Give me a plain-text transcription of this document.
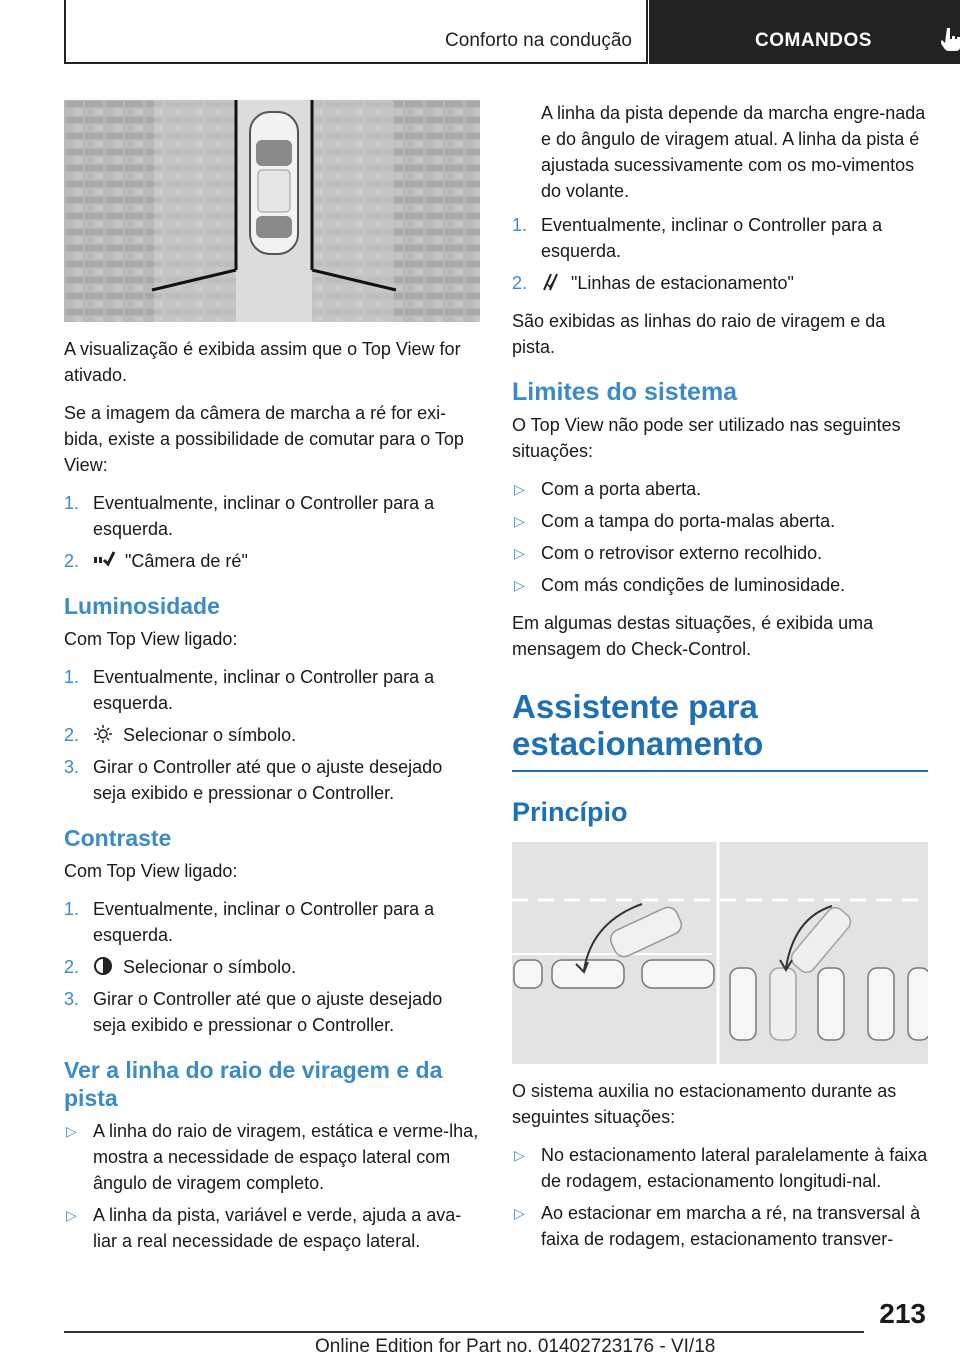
Conforto na condução	COMANDOS

A visualização é exibida assim que o Top View for ativado.

Se a imagem da câmera de marcha a ré for exi-bida, existe a possibilidade de comutar para o Top View:

1. Eventualmente, inclinar o Controller para a esquerda.
2.	"Câmera de ré"
Luminosidade

Com Top View ligado:

1. Eventualmente, inclinar o Controller para a esquerda.
2. Selecionar o símbolo.
3. Girar o Controller até que o ajuste desejado seja exibido e pressionar o Controller.
Contraste

Com Top View ligado:

1. Eventualmente, inclinar o Controller para a esquerda.
2. Selecionar o símbolo.
3. Girar o Controller até que o ajuste desejado seja exibido e pressionar o Controller.
Ver a linha do raio de viragem e da pista
▷ A linha do raio de viragem, estática e verme-lha, mostra a necessidade de espaço lateral com ângulo de viragem completo.
▷ A linha da pista, variável e verde, ajuda a ava-liar a real necessidade de espaço lateral.
A linha da pista depende da marcha engre-nada e do ângulo de viragem atual. A linha da pista é ajustada sucessivamente com os mo-vimentos do volante.
1. Eventualmente, inclinar o Controller para a esquerda.
2. "Linhas de estacionamento"

São exibidas as linhas do raio de viragem e da pista.

Limites do sistema

O Top View não pode ser utilizado nas seguintes situações:

▷ Com a porta aberta.
▷ Com a tampa do porta-malas aberta.
▷ Com o retrovisor externo recolhido.
▷ Com más condições de luminosidade.

Em algumas destas situações, é exibida uma mensagem do Check-Control.

Assistente para estacionamento
Princípio

O sistema auxilia no estacionamento durante as seguintes situações:

▷ No estacionamento lateral paralelamente à faixa de rodagem, estacionamento longitudi-nal.
▷ Ao estacionar em marcha a ré, na transversal à faixa de rodagem, estacionamento transver-
213
Online Edition for Part no. 01402723176 - VI/18
